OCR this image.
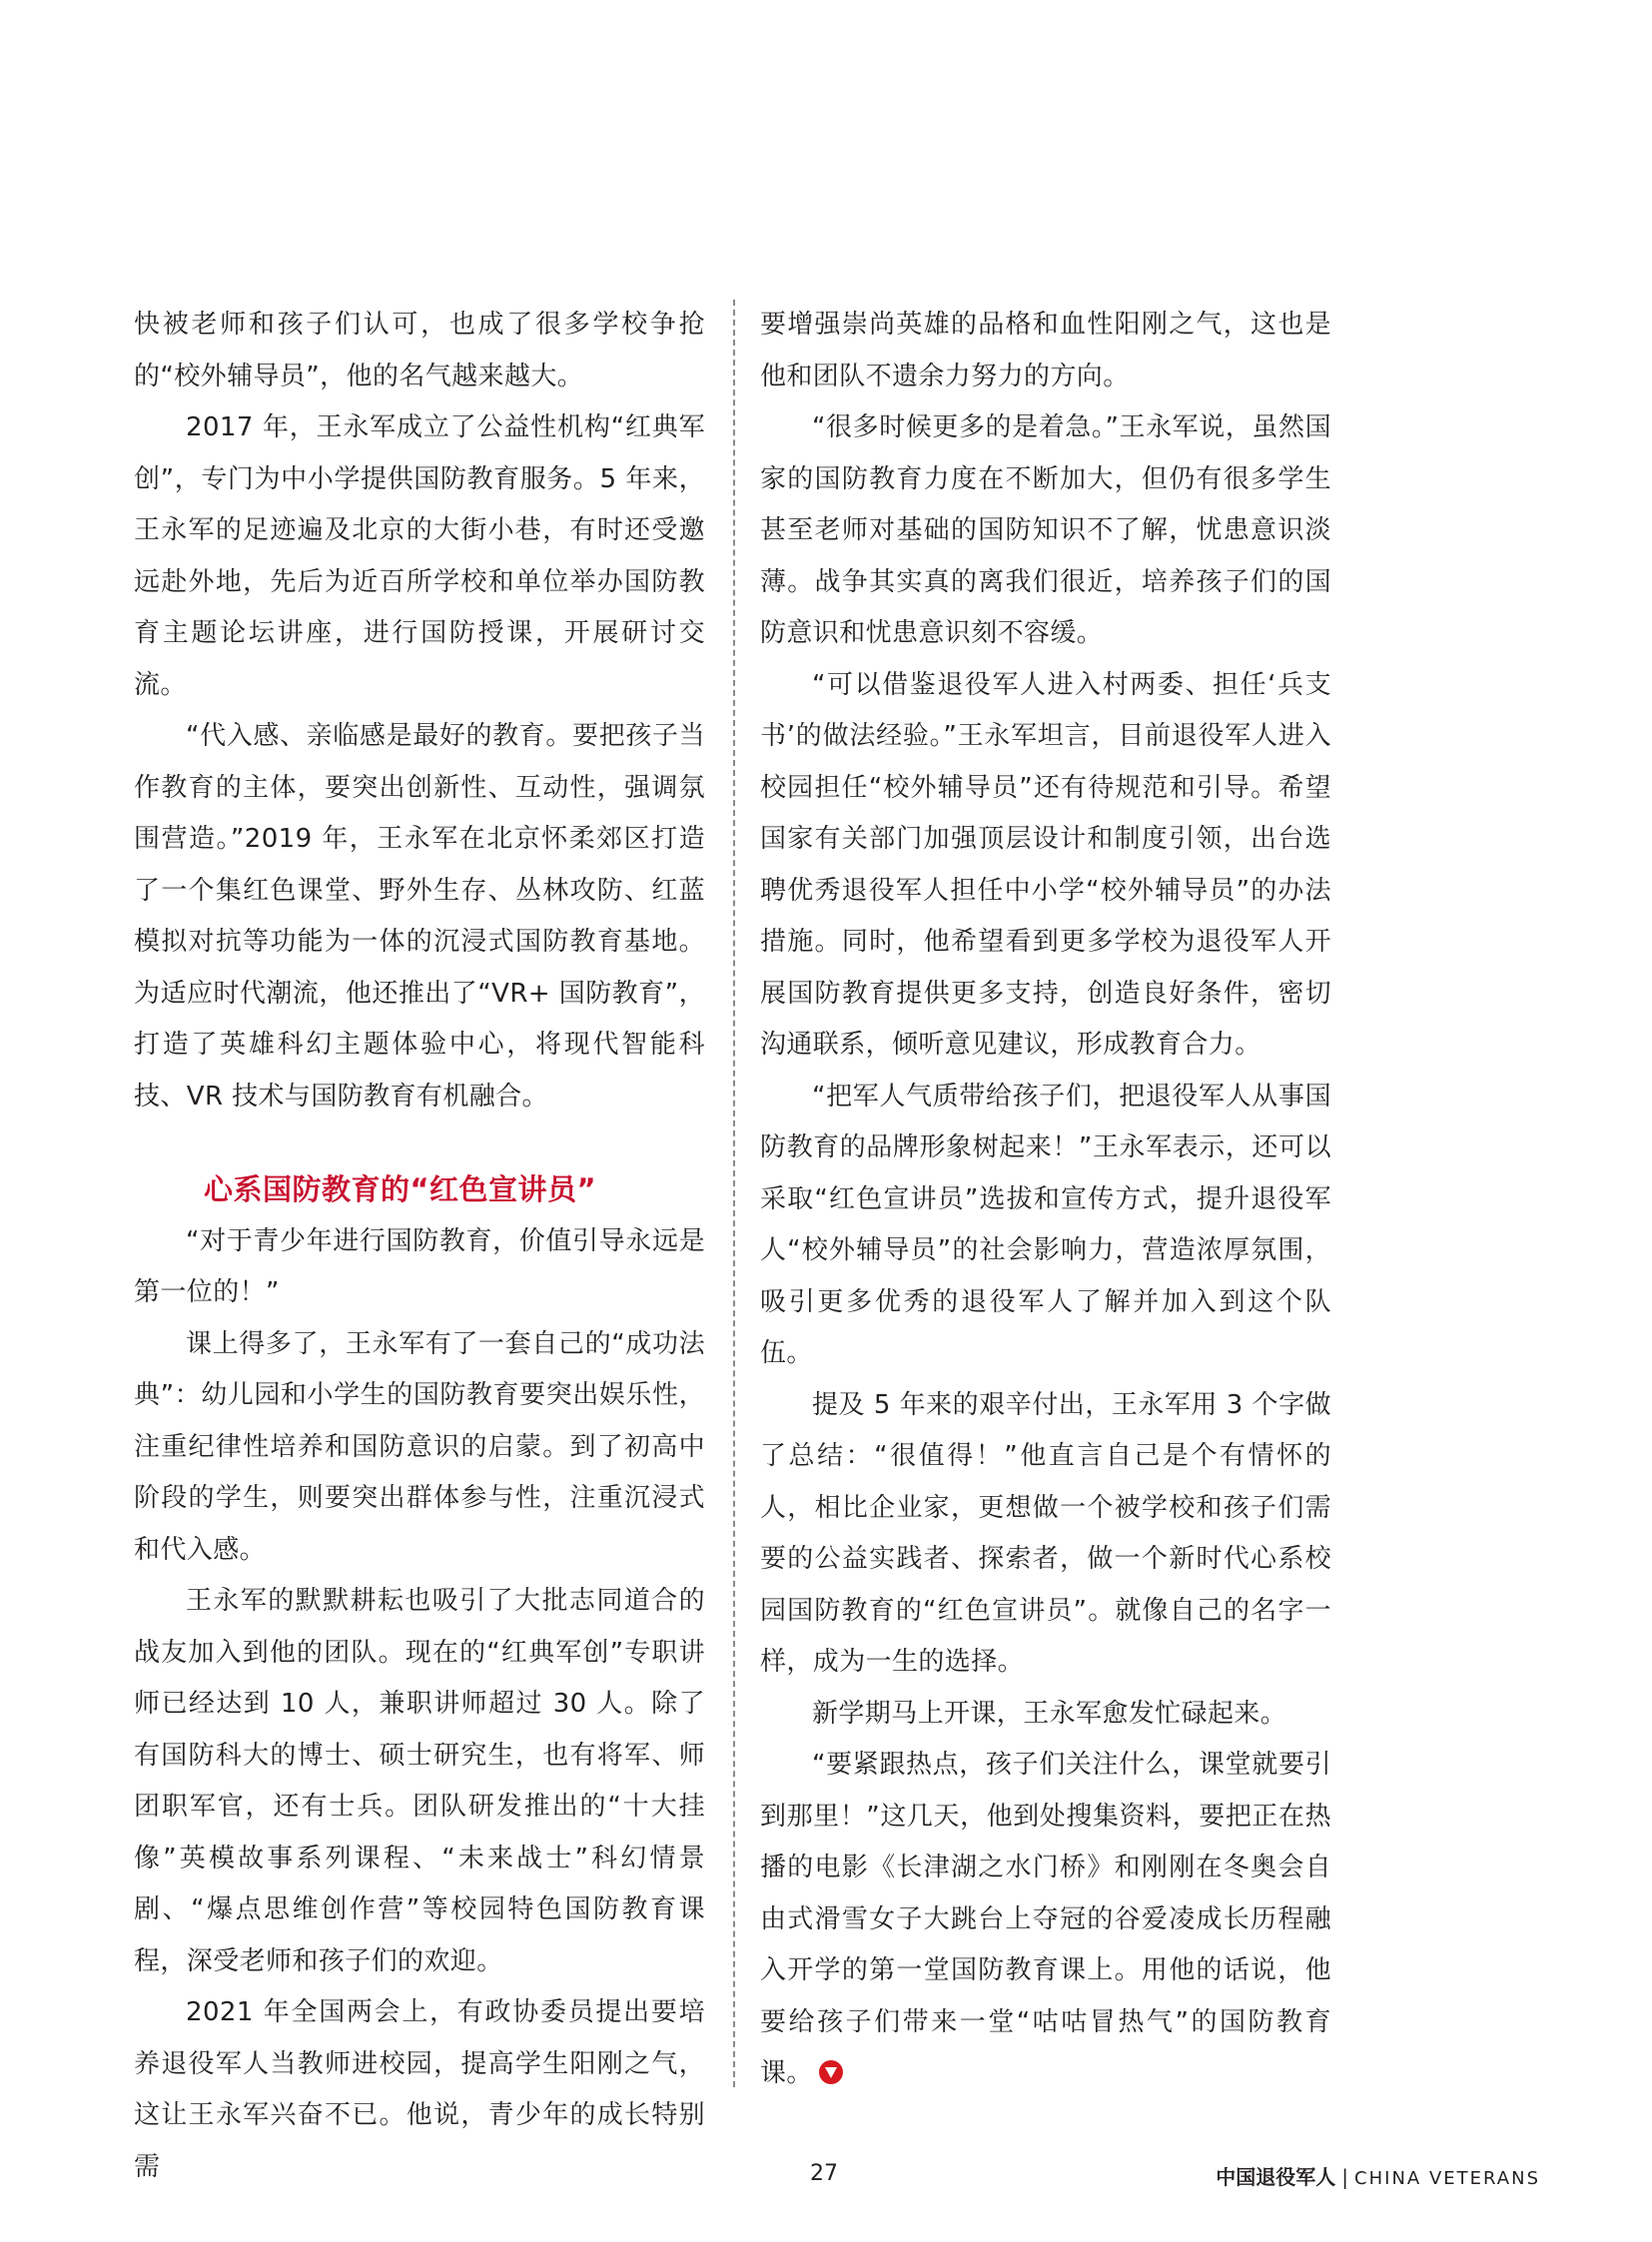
快被老师和孩子们认可，也成了很多学校争抢的“校外辅导员”，他的名气越来越大。

2017 年，王永军成立了公益性机构“红典军创”，专门为中小学提供国防教育服务。5 年来，王永军的足迹遍及北京的大街小巷，有时还受邀远赴外地，先后为近百所学校和单位举办国防教育主题论坛讲座，进行国防授课，开展研讨交流。

“代入感、亲临感是最好的教育。要把孩子当作教育的主体，要突出创新性、互动性，强调氛围营造。”2019 年，王永军在北京怀柔郊区打造了一个集红色课堂、野外生存、丛林攻防、红蓝模拟对抗等功能为一体的沉浸式国防教育基地。为适应时代潮流，他还推出了“VR+ 国防教育”，打造了英雄科幻主题体验中心，将现代智能科技、VR 技术与国防教育有机融合。

心系国防教育的“红色宣讲员”

“对于青少年进行国防教育，价值引导永远是第一位的！”

课上得多了，王永军有了一套自己的“成功法典”：幼儿园和小学生的国防教育要突出娱乐性，注重纪律性培养和国防意识的启蒙。到了初高中阶段的学生，则要突出群体参与性，注重沉浸式和代入感。

王永军的默默耕耘也吸引了大批志同道合的战友加入到他的团队。现在的“红典军创”专职讲师已经达到 10 人，兼职讲师超过 30 人。除了有国防科大的博士、硕士研究生，也有将军、师团职军官，还有士兵。团队研发推出的“十大挂像”英模故事系列课程、“未来战士”科幻情景剧、“爆点思维创作营”等校园特色国防教育课程，深受老师和孩子们的欢迎。

2021 年全国两会上，有政协委员提出要培养退役军人当教师进校园，提高学生阳刚之气，这让王永军兴奋不已。他说，青少年的成长特别需

要增强崇尚英雄的品格和血性阳刚之气，这也是他和团队不遗余力努力的方向。

“很多时候更多的是着急。”王永军说，虽然国家的国防教育力度在不断加大，但仍有很多学生甚至老师对基础的国防知识不了解，忧患意识淡薄。战争其实真的离我们很近，培养孩子们的国防意识和忧患意识刻不容缓。

“可以借鉴退役军人进入村两委、担任‘兵支书’的做法经验。”王永军坦言，目前退役军人进入校园担任“校外辅导员”还有待规范和引导。希望国家有关部门加强顶层设计和制度引领，出台选聘优秀退役军人担任中小学“校外辅导员”的办法措施。同时，他希望看到更多学校为退役军人开展国防教育提供更多支持，创造良好条件，密切沟通联系，倾听意见建议，形成教育合力。

“把军人气质带给孩子们，把退役军人从事国防教育的品牌形象树起来！”王永军表示，还可以采取“红色宣讲员”选拔和宣传方式，提升退役军人“校外辅导员”的社会影响力，营造浓厚氛围，吸引更多优秀的退役军人了解并加入到这个队伍。

提及 5 年来的艰辛付出，王永军用 3 个字做了总结：“很值得！”他直言自己是个有情怀的人，相比企业家，更想做一个被学校和孩子们需要的公益实践者、探索者，做一个新时代心系校园国防教育的“红色宣讲员”。就像自己的名字一样，成为一生的选择。

新学期马上开课，王永军愈发忙碌起来。

“要紧跟热点，孩子们关注什么，课堂就要引到那里！”这几天，他到处搜集资料，要把正在热播的电影《长津湖之水门桥》和刚刚在冬奥会自由式滑雪女子大跳台上夺冠的谷爱凌成长历程融入开学的第一堂国防教育课上。用他的话说，他要给孩子们带来一堂“咕咕冒热气”的国防教育课。

27	中国退役军人 | CHINA VETERANS
